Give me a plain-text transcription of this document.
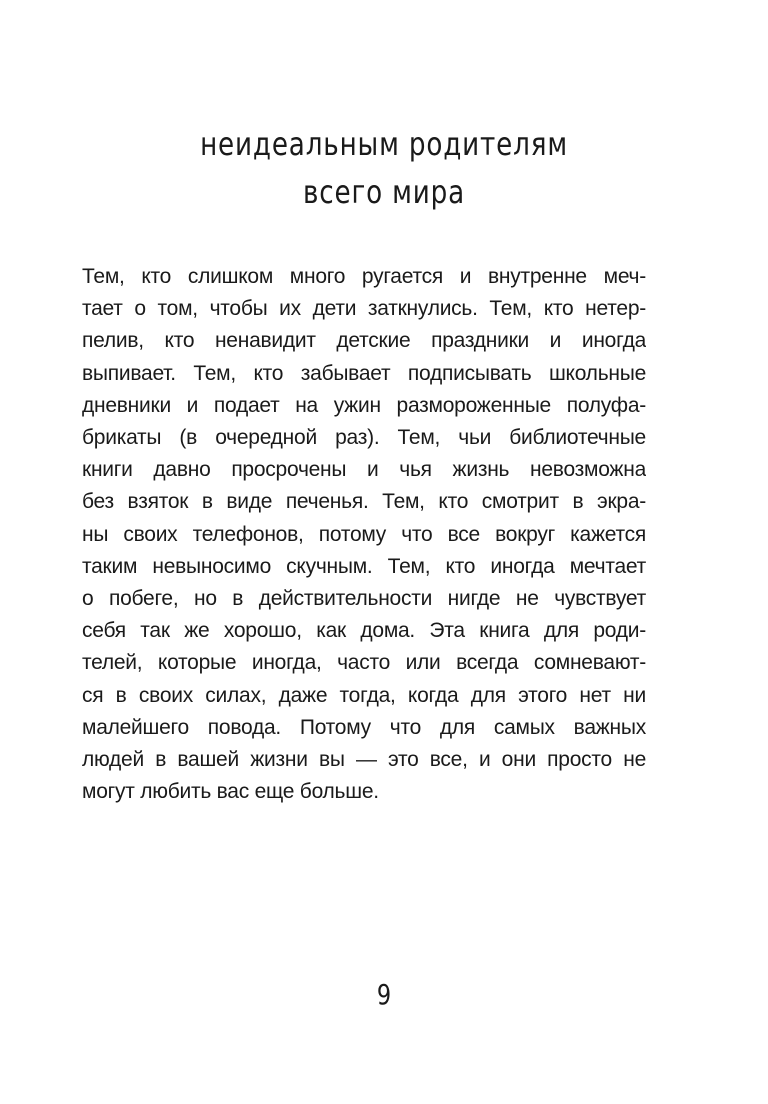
неидеальным родителям
всего мира

Тем, кто слишком много ругается и внутренне меч-
тает о том, чтобы их дети заткнулись. Тем, кто нетер-
пелив, кто ненавидит детские праздники и иногда
выпивает. Тем, кто забывает подписывать школьные
дневники и подает на ужин размороженные полуфа-
брикаты (в очередной раз). Тем, чьи библиотечные
книги давно просрочены и чья жизнь невозможна
без взяток в виде печенья. Тем, кто смотрит в экра-
ны своих телефонов, потому что все вокруг кажется
таким невыносимо скучным. Тем, кто иногда мечтает
о побеге, но в действительности нигде не чувствует
себя так же хорошо, как дома. Эта книга для роди-
телей, которые иногда, часто или всегда сомневают-
ся в своих силах, даже тогда, когда для этого нет ни
малейшего повода. Потому что для самых важных
людей в вашей жизни вы — это все, и они просто не
могут любить вас еще больше.

9
